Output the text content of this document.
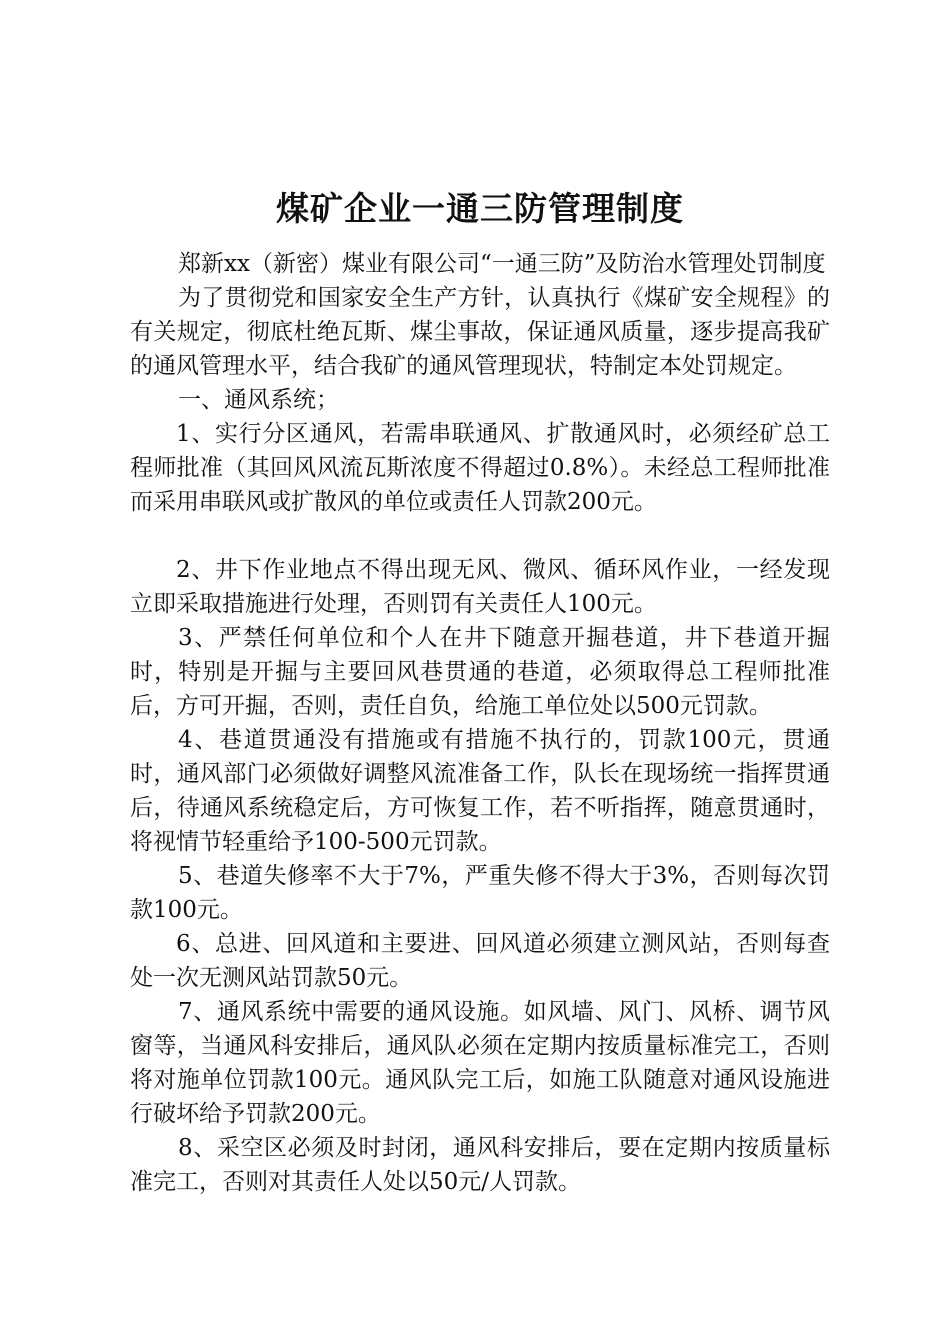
煤矿企业一通三防管理制度

郑新xx（新密）煤业有限公司“一通三防”及防治水管理处罚制度

为了贯彻党和国家安全生产方针，认真执行《煤矿安全规程》的有关规定，彻底杜绝瓦斯、煤尘事故，保证通风质量，逐步提高我矿的通风管理水平，结合我矿的通风管理现状，特制定本处罚规定。

一、通风系统；

1、实行分区通风，若需串联通风、扩散通风时，必须经矿总工程师批准（其回风风流瓦斯浓度不得超过0.8%）。未经总工程师批准而采用串联风或扩散风的单位或责任人罚款200元。

2、井下作业地点不得出现无风、微风、循环风作业，一经发现立即采取措施进行处理，否则罚有关责任人100元。

3、严禁任何单位和个人在井下随意开掘巷道，井下巷道开掘时，特别是开掘与主要回风巷贯通的巷道，必须取得总工程师批准后，方可开掘，否则，责任自负，给施工单位处以500元罚款。

4、巷道贯通没有措施或有措施不执行的，罚款100元，贯通时，通风部门必须做好调整风流准备工作，队长在现场统一指挥贯通后，待通风系统稳定后，方可恢复工作，若不听指挥，随意贯通时，将视情节轻重给予100-500元罚款。

5、巷道失修率不大于7%，严重失修不得大于3%，否则每次罚款100元。

6、总进、回风道和主要进、回风道必须建立测风站，否则每查处一次无测风站罚款50元。

7、通风系统中需要的通风设施。如风墙、风门、风桥、调节风窗等，当通风科安排后，通风队必须在定期内按质量标准完工，否则将对施单位罚款100元。通风队完工后，如施工队随意对通风设施进行破坏给予罚款200元。

8、采空区必须及时封闭，通风科安排后，要在定期内按质量标准完工，否则对其责任人处以50元/人罚款。
